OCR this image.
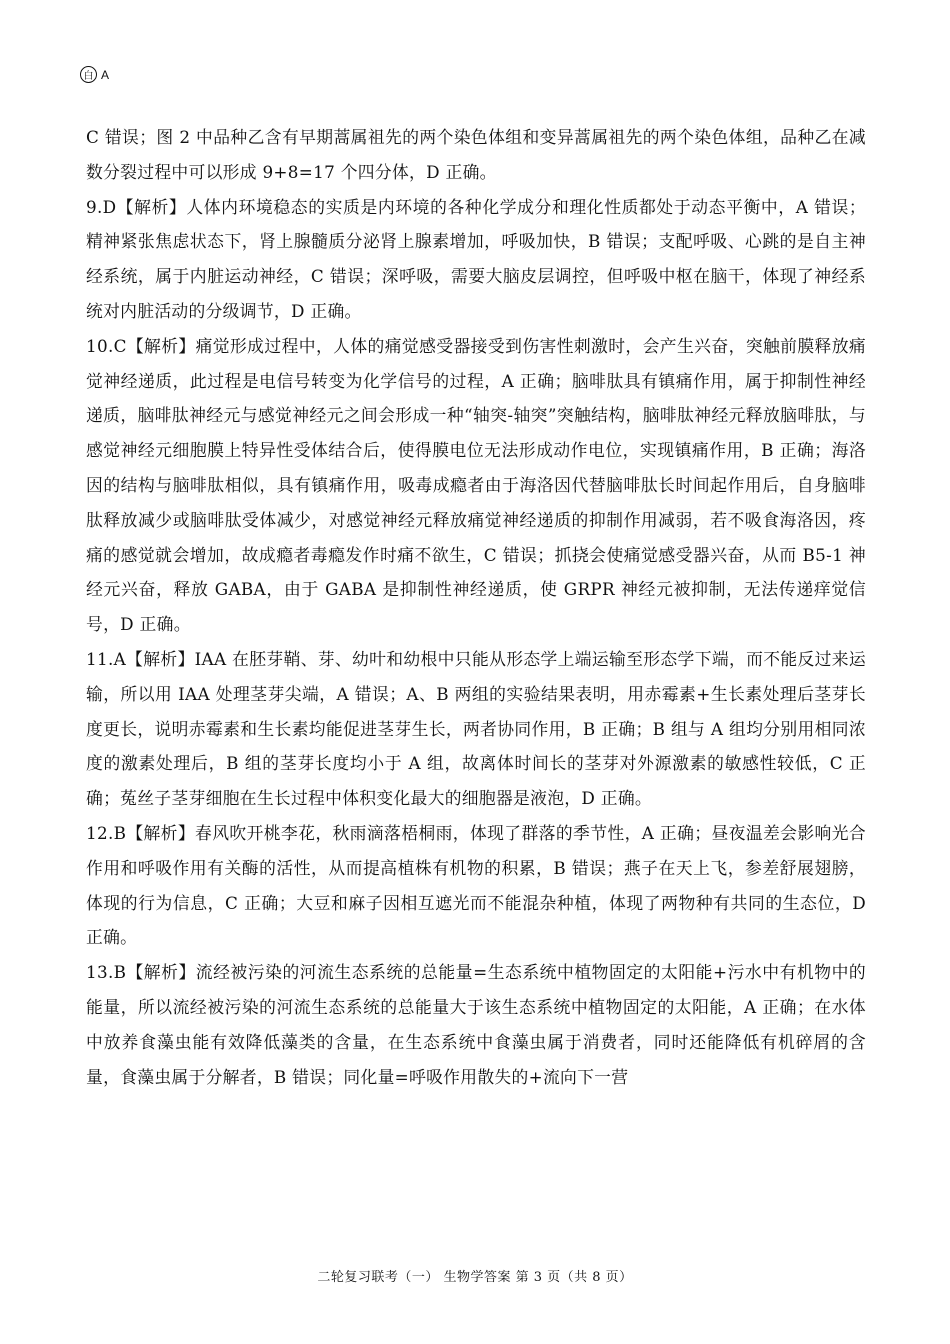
白 A

C 错误；图 2 中品种乙含有早期蒿属祖先的两个染色体组和变异蒿属祖先的两个染色体组，品种乙在减数分裂过程中可以形成 9+8=17 个四分体，D 正确。

9.D【解析】人体内环境稳态的实质是内环境的各种化学成分和理化性质都处于动态平衡中，A 错误；精神紧张焦虑状态下，肾上腺髓质分泌肾上腺素增加，呼吸加快，B 错误；支配呼吸、心跳的是自主神经系统，属于内脏运动神经，C 错误；深呼吸，需要大脑皮层调控，但呼吸中枢在脑干，体现了神经系统对内脏活动的分级调节，D 正确。

10.C【解析】痛觉形成过程中，人体的痛觉感受器接受到伤害性刺激时，会产生兴奋，突触前膜释放痛觉神经递质，此过程是电信号转变为化学信号的过程，A 正确；脑啡肽具有镇痛作用，属于抑制性神经递质，脑啡肽神经元与感觉神经元之间会形成一种“轴突-轴突”突触结构，脑啡肽神经元释放脑啡肽，与感觉神经元细胞膜上特异性受体结合后，使得膜电位无法形成动作电位，实现镇痛作用，B 正确；海洛因的结构与脑啡肽相似，具有镇痛作用，吸毒成瘾者由于海洛因代替脑啡肽长时间起作用后，自身脑啡肽释放减少或脑啡肽受体减少，对感觉神经元释放痛觉神经递质的抑制作用减弱，若不吸食海洛因，疼痛的感觉就会增加，故成瘾者毒瘾发作时痛不欲生，C 错误；抓挠会使痛觉感受器兴奋，从而 B5-1 神经元兴奋，释放 GABA，由于 GABA 是抑制性神经递质，使 GRPR 神经元被抑制，无法传递痒觉信号，D 正确。

11.A【解析】IAA 在胚芽鞘、芽、幼叶和幼根中只能从形态学上端运输至形态学下端，而不能反过来运输，所以用 IAA 处理茎芽尖端，A 错误；A、B 两组的实验结果表明，用赤霉素+生长素处理后茎芽长度更长，说明赤霉素和生长素均能促进茎芽生长，两者协同作用，B 正确；B 组与 A 组均分别用相同浓度的激素处理后，B 组的茎芽长度均小于 A 组，故离体时间长的茎芽对外源激素的敏感性较低，C 正确；菟丝子茎芽细胞在生长过程中体积变化最大的细胞器是液泡，D 正确。

12.B【解析】春风吹开桃李花，秋雨滴落梧桐雨，体现了群落的季节性，A 正确；昼夜温差会影响光合作用和呼吸作用有关酶的活性，从而提高植株有机物的积累，B 错误；燕子在天上飞，参差舒展翅膀，体现的行为信息，C 正确；大豆和麻子因相互遮光而不能混杂种植，体现了两物种有共同的生态位，D 正确。

13.B【解析】流经被污染的河流生态系统的总能量=生态系统中植物固定的太阳能+污水中有机物中的能量，所以流经被污染的河流生态系统的总能量大于该生态系统中植物固定的太阳能，A 正确；在水体中放养食藻虫能有效降低藻类的含量，在生态系统中食藻虫属于消费者，同时还能降低有机碎屑的含量，食藻虫属于分解者，B 错误；同化量=呼吸作用散失的+流向下一营

二轮复习联考（一） 生物学答案 第 3 页（共 8 页）
